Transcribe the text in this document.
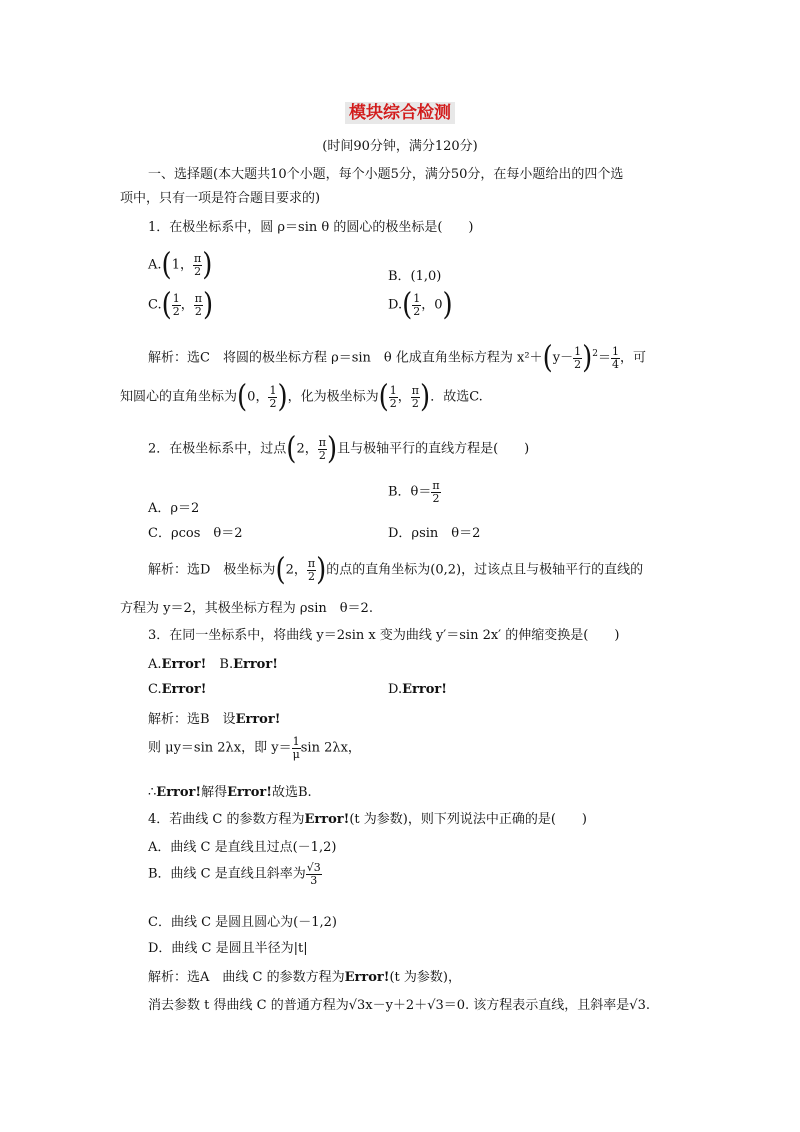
模块综合检测
(时间90分钟，满分120分)
一、选择题(本大题共10个小题，每个小题5分，满分50分，在每小题给出的四个选
项中，只有一项是符合题目要求的)
1．在极坐标系中，圆 ρ＝sin θ 的圆心的极坐标是(　　)
A.(1， $\frac{\pi}{2}$ )	B．(1,0)
$C.( \frac{1}{2}$ ， $\frac{\pi}{2}$ )	$D.( \frac{1}{2}$ ，0)
解析：选C　将圆的极坐标方程 ρ＝sin　θ 化成直角坐标方程为 $x^2+(y- \frac{1}{2} )^2= \frac{1}{4}$ ，可
知圆心的直角坐标为(0， $\frac{1}{2}$ )，化为极坐标为( $\frac{1}{2}$ ， $\frac{\pi}{2}$ )．故选C.
2．在极坐标系中，过点(2， $\frac{\pi}{2}$ )且与极轴平行的直线方程是(　　)
A．ρ＝2
B．$\theta= \frac{\pi}{2}$
C．ρcos　θ＝2	D．ρsin　θ＝2
解析：选D　极坐标为(2， $\frac{\pi}{2}$ )的点的直角坐标为(0,2)，过该点且与极轴平行的直线的
方程为 y＝2，其极坐标方程为 ρsin　θ＝2.
3．在同一坐标系中，将曲线 y＝2sin x 变为曲线 y′＝sin 2x′ 的伸缩变换是(　　)
A.Error!　 B.Error!
C.Error!	D.Error!
解析：选B　设Error!
则 μy＝sin 2λx，即 $y= \frac{1}{\mu}$ sin 2λx，
∴Error!解得Error!故选B.
4．若曲线 C 的参数方程为Error!(t 为参数)，则下列说法中正确的是(　　)
A．曲线 C 是直线且过点(－1,2)
B．曲线 C 是直线且斜率为 $\frac{√3}{3}$
C．曲线 C 是圆且圆心为(－1,2)
D．曲线 C 是圆且半径为|t|
解析：选A　曲线 C 的参数方程为Error!(t 为参数)，
消去参数 t 得曲线 C 的普通方程为√3x－y＋2＋√3＝0. 该方程表示直线，且斜率是√3.
